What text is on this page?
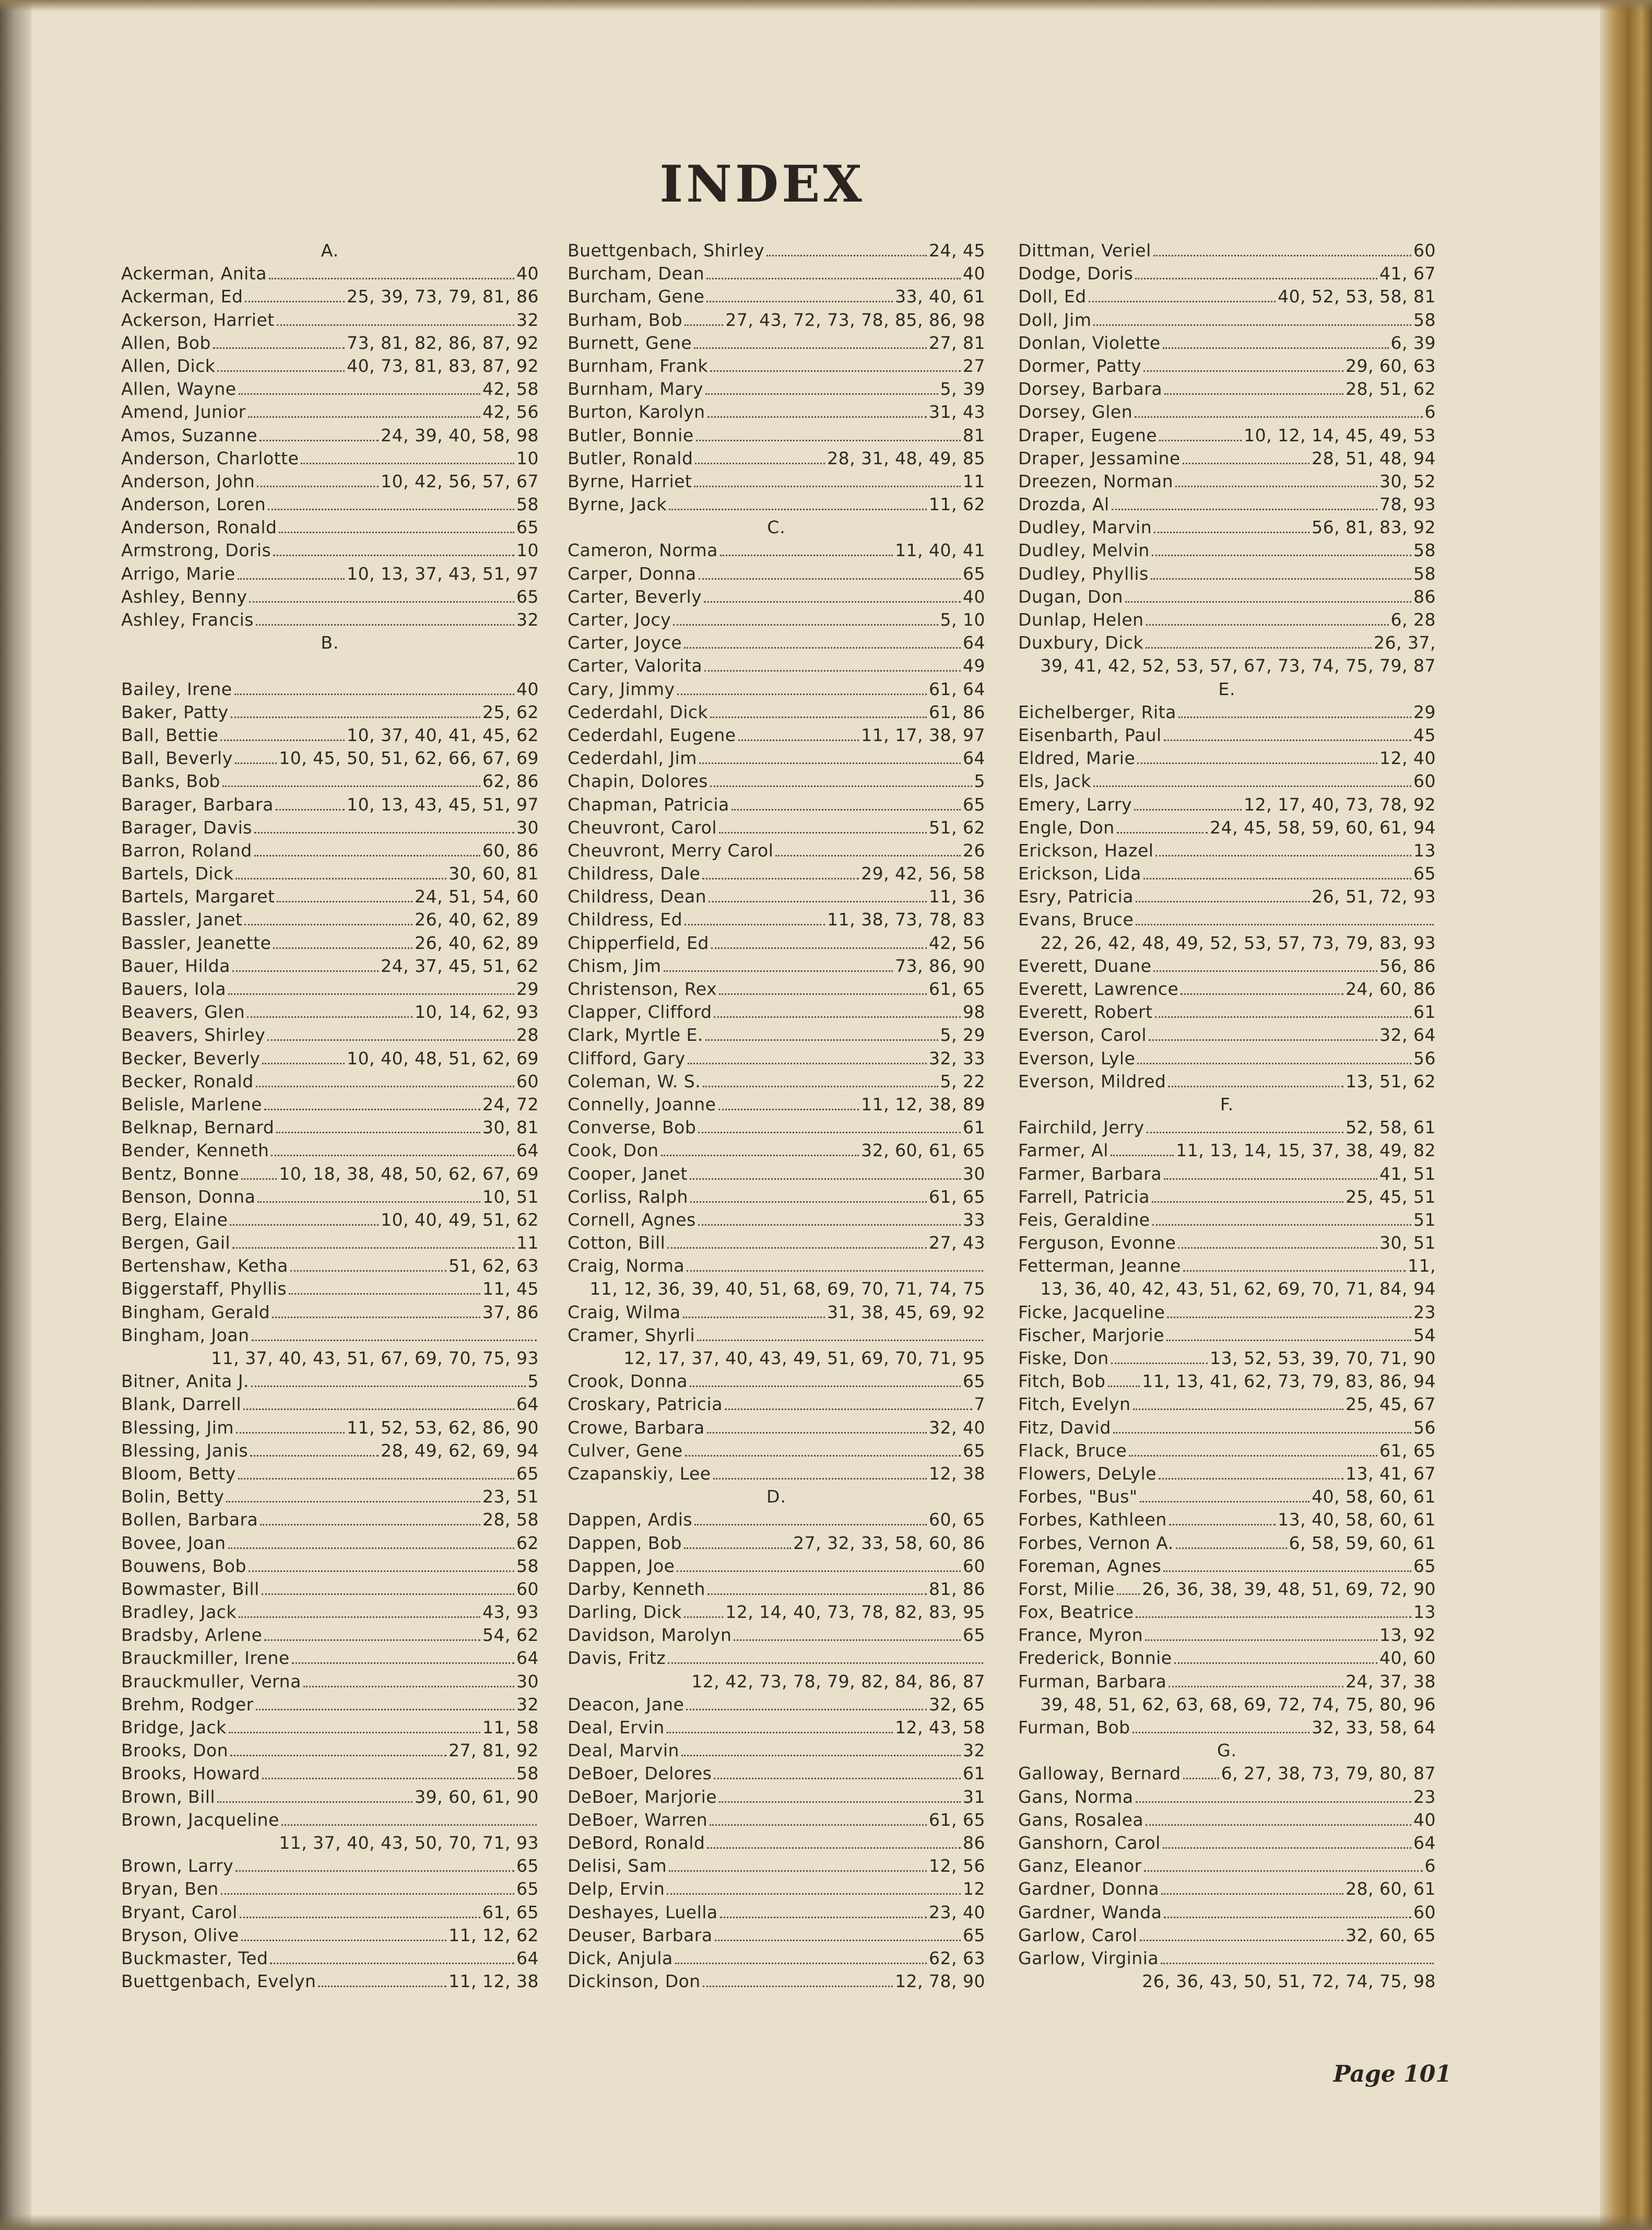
INDEX
A.
Ackerman, Anita	40
Ackerman, Ed	25, 39, 73, 79, 81, 86
Ackerson, Harriet	32
Allen, Bob	73, 81, 82, 86, 87, 92
Allen, Dick	40, 73, 81, 83, 87, 92
Allen, Wayne	42, 58
Amend, Junior	42, 56
Amos, Suzanne	24, 39, 40, 58, 98
Anderson, Charlotte	10
Anderson, John	10, 42, 56, 57, 67
Anderson, Loren	58
Anderson, Ronald	65
Armstrong, Doris	10
Arrigo, Marie	10, 13, 37, 43, 51, 97
Ashley, Benny	65
Ashley, Francis	32
B.
Bailey, Irene	40
Baker, Patty	25, 62
Ball, Bettie	10, 37, 40, 41, 45, 62
Ball, Beverly	10, 45, 50, 51, 62, 66, 67, 69
Banks, Bob	62, 86
Barager, Barbara	10, 13, 43, 45, 51, 97
Barager, Davis	30
Barron, Roland	60, 86
Bartels, Dick	30, 60, 81
Bartels, Margaret	24, 51, 54, 60
Bassler, Janet	26, 40, 62, 89
Bassler, Jeanette	26, 40, 62, 89
Bauer, Hilda	24, 37, 45, 51, 62
Bauers, Iola	29
Beavers, Glen	10, 14, 62, 93
Beavers, Shirley	28
Becker, Beverly	10, 40, 48, 51, 62, 69
Becker, Ronald	60
Belisle, Marlene	24, 72
Belknap, Bernard	30, 81
Bender, Kenneth	64
Bentz, Bonne 10, 18, 38, 48, 50, 62, 67, 69
Benson, Donna	10, 51
Berg, Elaine	10, 40, 49, 51, 62
Bergen, Gail	11
Bertenshaw, Ketha	51, 62, 63
Biggerstaff, Phyllis	11, 45
Bingham, Gerald	37, 86
Bingham, Joan
11, 37, 40, 43, 51, 67, 69, 70, 75, 93
Bitner, Anita J.	5
Blank, Darrell	64
Blessing, Jim	11, 52, 53, 62, 86, 90
Blessing, Janis	28, 49, 62, 69, 94
Bloom, Betty	65
Bolin, Betty	23, 51
Bollen, Barbara	28, 58
Bovee, Joan	62
Bouwens, Bob	58
Bowmaster, Bill	60
Bradley, Jack	43, 93
Bradsby, Arlene	54, 62
Brauckmiller, Irene	64
Brauckmuller, Verna	30
Brehm, Rodger	32
Bridge, Jack	11, 58
Brooks, Don	27, 81, 92
Brooks, Howard	58
Brown, Bill	39, 60, 61, 90
Brown, Jacqueline
11, 37, 40, 43, 50, 70, 71, 93
Brown, Larry	65
Bryan, Ben	65
Bryant, Carol	61, 65
Bryson, Olive	11, 12, 62
Buckmaster, Ted	64
Buettgenbach, Evelyn	11, 12, 38
Buettgenbach, Shirley	24, 45
Burcham, Dean	40
Burcham, Gene	33, 40, 61
Burham, Bob 27, 43, 72, 73, 78, 85, 86, 98
Burnett, Gene	27, 81
Burnham, Frank	27
Burnham, Mary	5, 39
Burton, Karolyn	31, 43
Butler, Bonnie	81
Butler, Ronald	28, 31, 48, 49, 85
Byrne, Harriet	11
Byrne, Jack	11, 62
C.
Cameron, Norma	11, 40, 41
Carper, Donna	65
Carter, Beverly	40
Carter, Jocy	5, 10
Carter, Joyce	64
Carter, Valorita	49
Cary, Jimmy	61, 64
Cederdahl, Dick	61, 86
Cederdahl, Eugene	11, 17, 38, 97
Cederdahl, Jim	64
Chapin, Dolores	5
Chapman, Patricia	65
Cheuvront, Carol	51, 62
Cheuvront, Merry Carol	26
Childress, Dale	29, 42, 56, 58
Childress, Dean	11, 36
Childress, Ed	11, 38, 73, 78, 83
Chipperfield, Ed	42, 56
Chism, Jim	73, 86, 90
Christenson, Rex	61, 65
Clapper, Clifford	98
Clark, Myrtle E.	5, 29
Clifford, Gary	32, 33
Coleman, W. S.	5, 22
Connelly, Joanne	11, 12, 38, 89
Converse, Bob	61
Cook, Don	32, 60, 61, 65
Cooper, Janet	30
Corliss, Ralph	61, 65
Cornell, Agnes	33
Cotton, Bill	27, 43
Craig, Norma
11, 12, 36, 39, 40, 51, 68, 69, 70, 71, 74, 75
Craig, Wilma	31, 38, 45, 69, 92
Cramer, Shyrli
12, 17, 37, 40, 43, 49, 51, 69, 70, 71, 95
Crook, Donna	65
Croskary, Patricia	7
Crowe, Barbara	32, 40
Culver, Gene	65
Czapanskiy, Lee	12, 38
D.
Dappen, Ardis	60, 65
Dappen, Bob	27, 32, 33, 58, 60, 86
Dappen, Joe	60
Darby, Kenneth	81, 86
Darling, Dick	12, 14, 40, 73, 78, 82, 83, 95
Davidson, Marolyn	65
Davis, Fritz
12, 42, 73, 78, 79, 82, 84, 86, 87
Deacon, Jane	32, 65
Deal, Ervin	12, 43, 58
Deal, Marvin	32
DeBoer, Delores	61
DeBoer, Marjorie	31
DeBoer, Warren	61, 65
DeBord, Ronald	86
Delisi, Sam	12, 56
Delp, Ervin	12
Deshayes, Luella	23, 40
Deuser, Barbara	65
Dick, Anjula	62, 63
Dickinson, Don	12, 78, 90
Dittman, Veriel	60
Dodge, Doris	41, 67
Doll, Ed	40, 52, 53, 58, 81
Doll, Jim	58
Donlan, Violette	6, 39
Dormer, Patty	29, 60, 63
Dorsey, Barbara	28, 51, 62
Dorsey, Glen	6
Draper, Eugene	10, 12, 14, 45, 49, 53
Draper, Jessamine	28, 51, 48, 94
Dreezen, Norman	30, 52
Drozda, Al	78, 93
Dudley, Marvin	56, 81, 83, 92
Dudley, Melvin	58
Dudley, Phyllis	58
Dugan, Don	86
Dunlap, Helen	6, 28
Duxbury, Dick	26, 37,
39, 41, 42, 52, 53, 57, 67, 73, 74, 75, 79, 87
E.
Eichelberger, Rita	29
Eisenbarth, Paul	45
Eldred, Marie	12, 40
Els, Jack	60
Emery, Larry	12, 17, 40, 73, 78, 92
Engle, Don	24, 45, 58, 59, 60, 61, 94
Erickson, Hazel	13
Erickson, Lida	65
Esry, Patricia	26, 51, 72, 93
Evans, Bruce
22, 26, 42, 48, 49, 52, 53, 57, 73, 79, 83, 93
Everett, Duane	56, 86
Everett, Lawrence	24, 60, 86
Everett, Robert	61
Everson, Carol	32, 64
Everson, Lyle	56
Everson, Mildred	13, 51, 62
F.
Fairchild, Jerry	52, 58, 61
Farmer, Al	11, 13, 14, 15, 37, 38, 49, 82
Farmer, Barbara	41, 51
Farrell, Patricia	25, 45, 51
Feis, Geraldine	51
Ferguson, Evonne	30, 51
Fetterman, Jeanne	11,
13, 36, 40, 42, 43, 51, 62, 69, 70, 71, 84, 94
Ficke, Jacqueline	23
Fischer, Marjorie	54
Fiske, Don	13, 52, 53, 39, 70, 71, 90
Fitch, Bob 11, 13, 41, 62, 73, 79, 83, 86, 94
Fitch, Evelyn	25, 45, 67
Fitz, David	56
Flack, Bruce	61, 65
Flowers, DeLyle	13, 41, 67
Forbes, "Bus"	40, 58, 60, 61
Forbes, Kathleen	13, 40, 58, 60, 61
Forbes, Vernon A.	6, 58, 59, 60, 61
Foreman, Agnes	65
Forst, Milie 26, 36, 38, 39, 48, 51, 69, 72, 90
Fox, Beatrice	13
France, Myron	13, 92
Frederick, Bonnie	40, 60
Furman, Barbara	24, 37, 38
39, 48, 51, 62, 63, 68, 69, 72, 74, 75, 80, 96
Furman, Bob	32, 33, 58, 64
G.
Galloway, Bernard 6, 27, 38, 73, 79, 80, 87
Gans, Norma	23
Gans, Rosalea	40
Ganshorn, Carol	64
Ganz, Eleanor	6
Gardner, Donna	28, 60, 61
Gardner, Wanda	60
Garlow, Carol	32, 60, 65
Garlow, Virginia
26, 36, 43, 50, 51, 72, 74, 75, 98
Page 101
